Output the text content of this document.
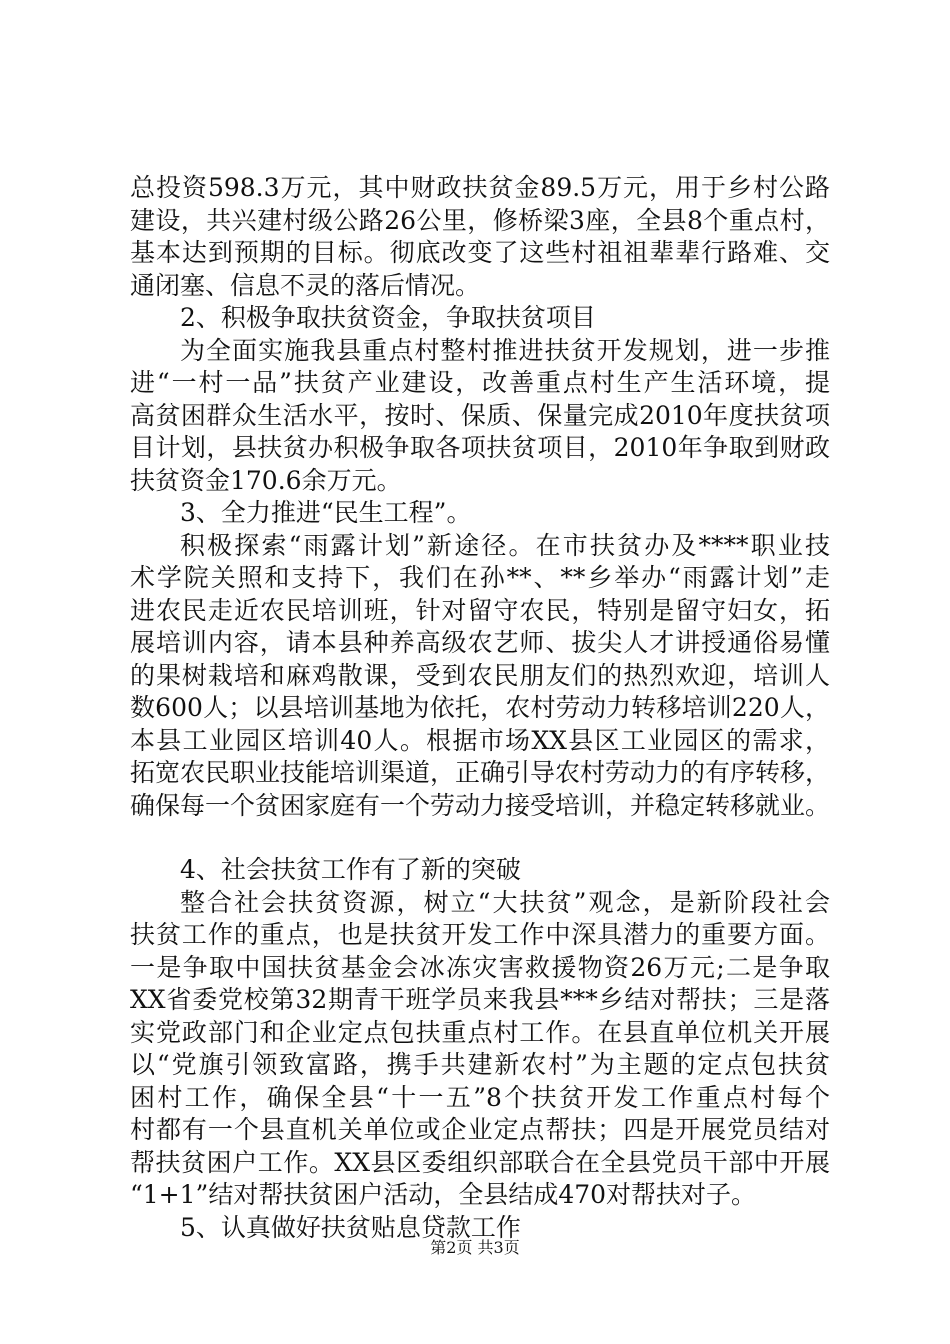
总投资598.3万元，其中财政扶贫金89.5万元，用于乡村公路
建设，共兴建村级公路26公里，修桥梁3座，全县8个重点村，
基本达到预期的目标。彻底改变了这些村祖祖辈辈行路难、交
通闭塞、信息不灵的落后情况。
2、积极争取扶贫资金，争取扶贫项目
为全面实施我县重点村整村推进扶贫开发规划，进一步推
进“一村一品”扶贫产业建设，改善重点村生产生活环境，提
高贫困群众生活水平，按时、保质、保量完成2010年度扶贫项
目计划，县扶贫办积极争取各项扶贫项目，2010年争取到财政
扶贫资金170.6余万元。
3、全力推进“民生工程”。
积极探索“雨露计划”新途径。在市扶贫办及****职业技
术学院关照和支持下，我们在孙**、**乡举办“雨露计划”走
进农民走近农民培训班，针对留守农民，特别是留守妇女，拓
展培训内容，请本县种养高级农艺师、拔尖人才讲授通俗易懂
的果树栽培和麻鸡散课，受到农民朋友们的热烈欢迎，培训人
数600人；以县培训基地为依托，农村劳动力转移培训220人，
本县工业园区培训40人。根据市场XX县区工业园区的需求，
拓宽农民职业技能培训渠道，正确引导农村劳动力的有序转移，
确保每一个贫困家庭有一个劳动力接受培训，并稳定转移就业。
4、社会扶贫工作有了新的突破
整合社会扶贫资源，树立“大扶贫”观念，是新阶段社会
扶贫工作的重点，也是扶贫开发工作中深具潜力的重要方面。
一是争取中国扶贫基金会冰冻灾害救援物资26万元;二是争取
XX省委党校第32期青干班学员来我县***乡结对帮扶；三是落
实党政部门和企业定点包扶重点村工作。在县直单位机关开展
以“党旗引领致富路，携手共建新农村”为主题的定点包扶贫
困村工作，确保全县“十一五”8个扶贫开发工作重点村每个
村都有一个县直机关单位或企业定点帮扶；四是开展党员结对
帮扶贫困户工作。XX县区委组织部联合在全县党员干部中开展
“1+1”结对帮扶贫困户活动，全县结成470对帮扶对子。
5、认真做好扶贫贴息贷款工作
第2页 共3页
